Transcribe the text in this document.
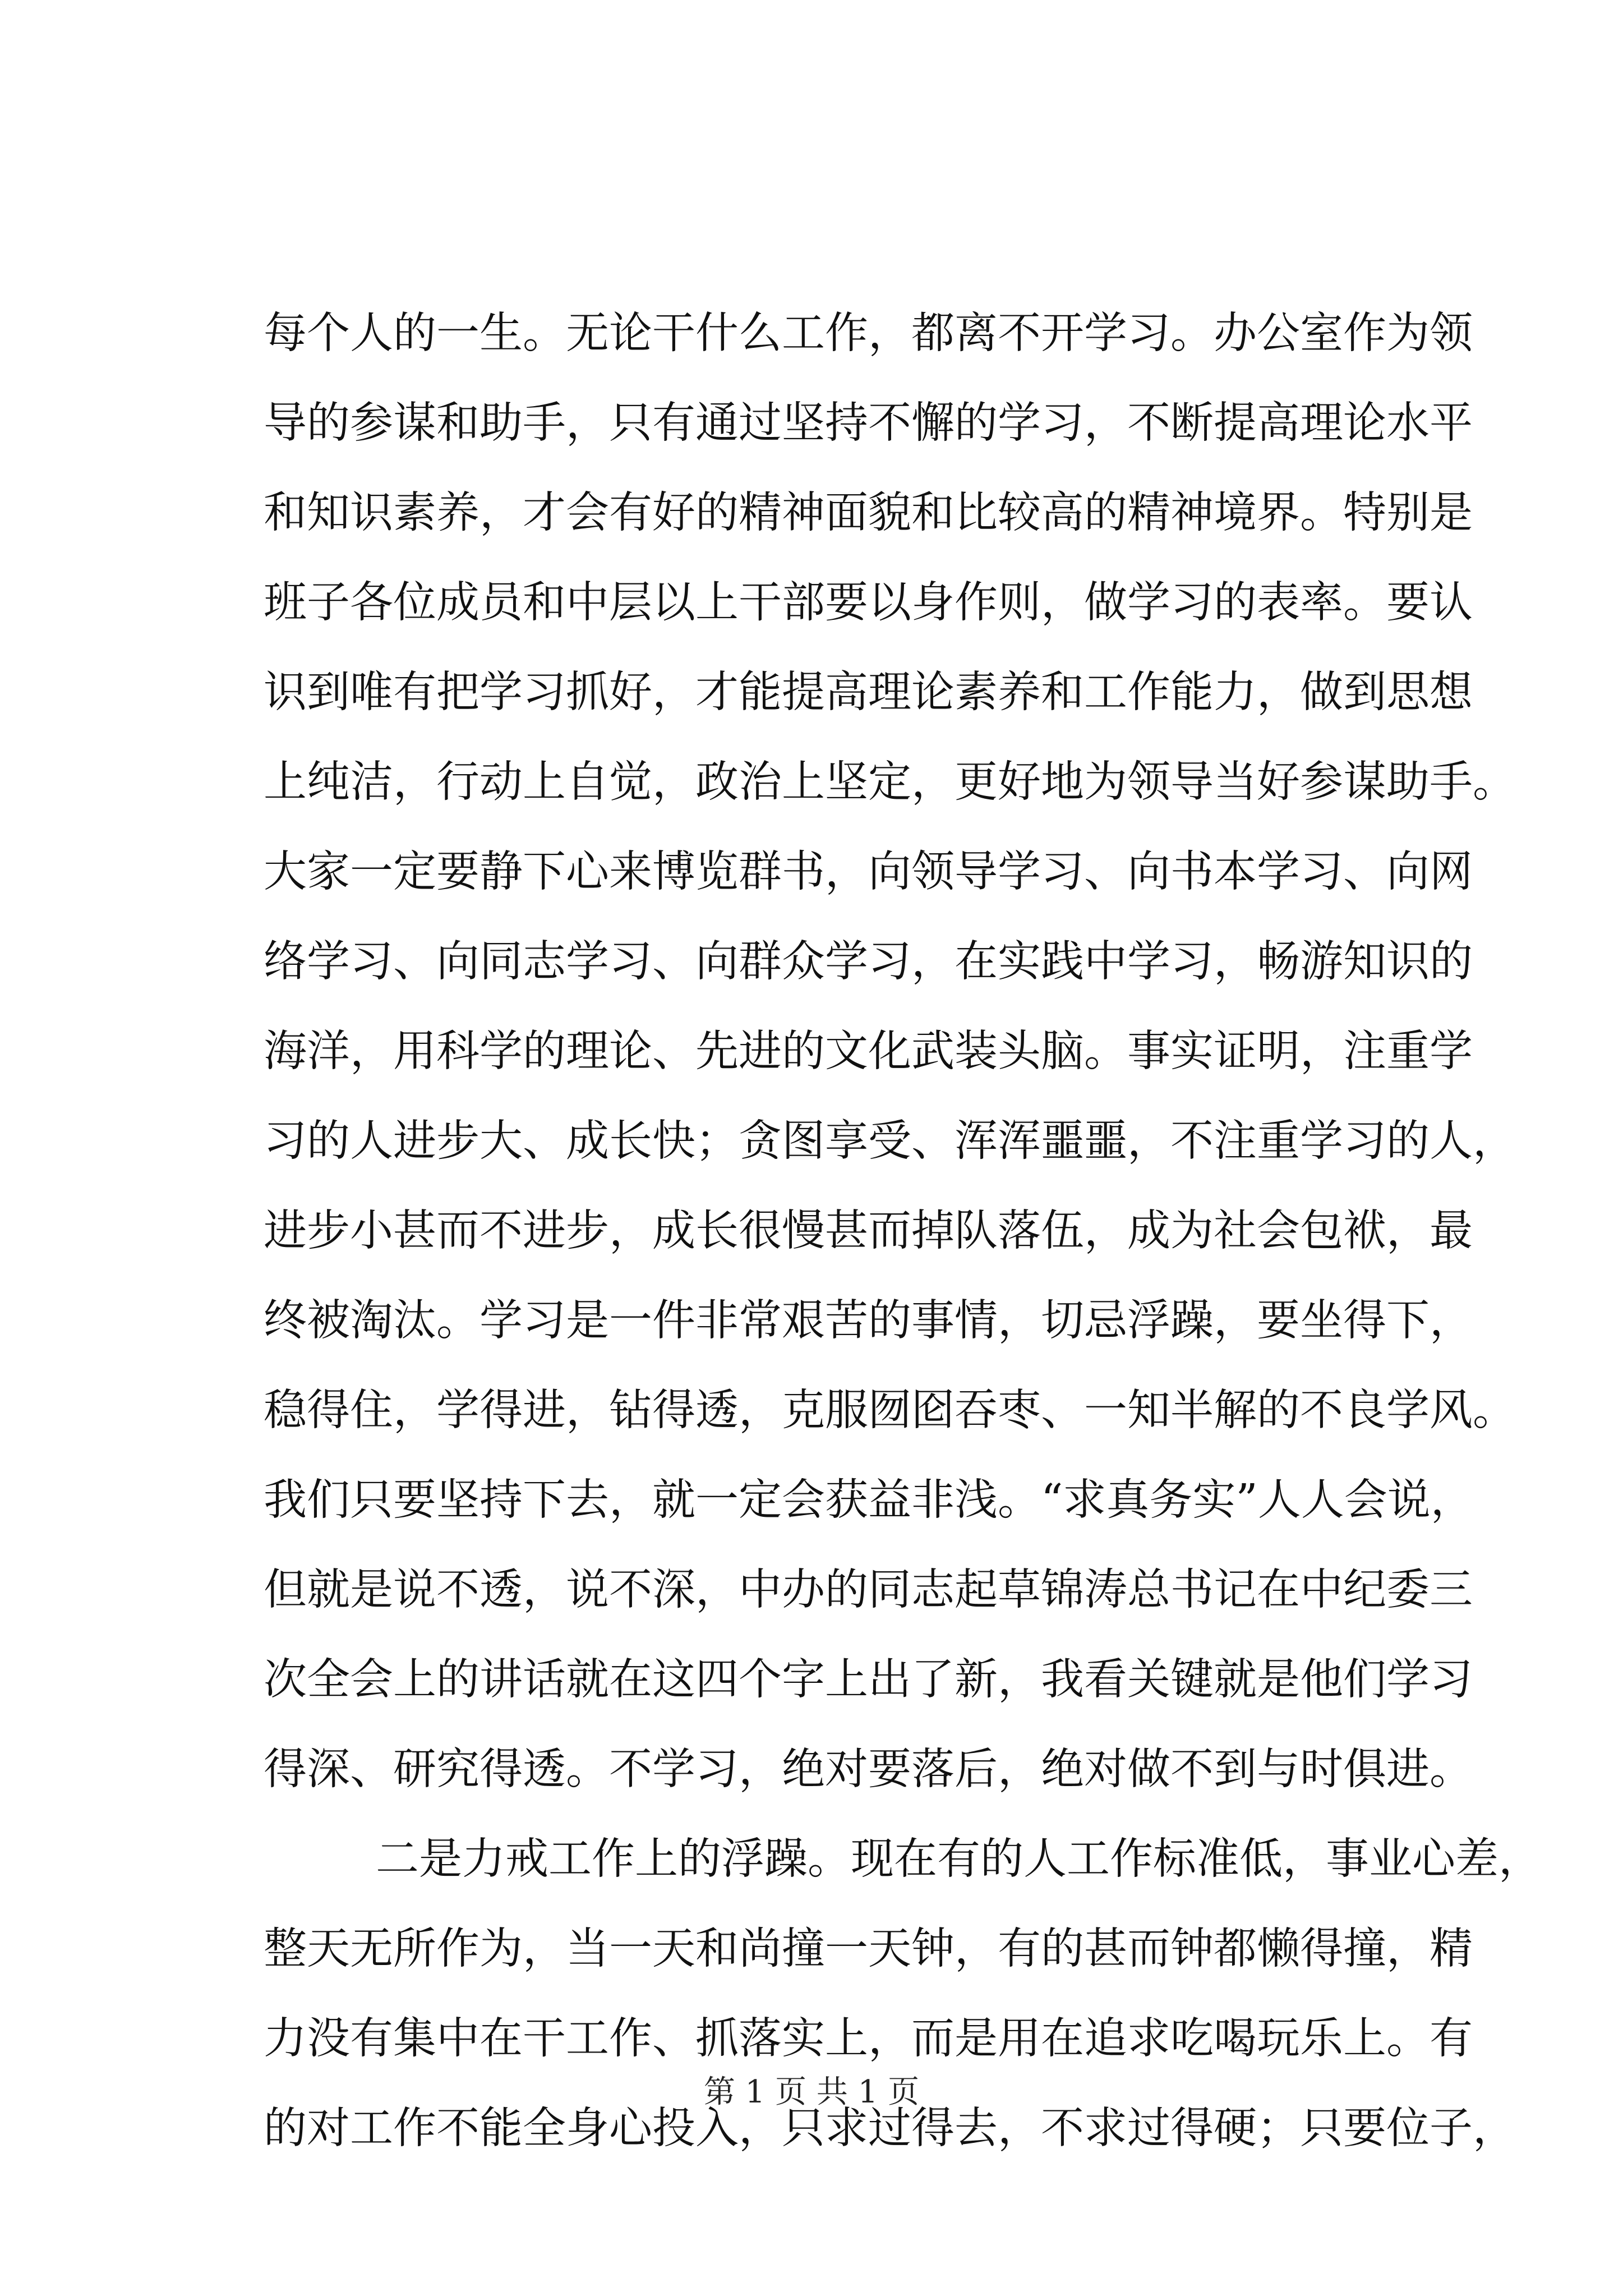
每个人的一生。无论干什么工作，都离不开学习。办公室作为领
导的参谋和助手，只有通过坚持不懈的学习，不断提高理论水平
和知识素养，才会有好的精神面貌和比较高的精神境界。特别是
班子各位成员和中层以上干部要以身作则，做学习的表率。要认
识到唯有把学习抓好，才能提高理论素养和工作能力，做到思想
上纯洁，行动上自觉，政治上坚定，更好地为领导当好参谋助手。
大家一定要静下心来博览群书，向领导学习、向书本学习、向网
络学习、向同志学习、向群众学习，在实践中学习，畅游知识的
海洋，用科学的理论、先进的文化武装头脑。事实证明，注重学
习的人进步大、成长快；贪图享受、浑浑噩噩，不注重学习的人，
进步小甚而不进步，成长很慢甚而掉队落伍，成为社会包袱，最
终被淘汰。学习是一件非常艰苦的事情，切忌浮躁，要坐得下，
稳得住，学得进，钻得透，克服囫囵吞枣、一知半解的不良学风。
我们只要坚持下去，就一定会获益非浅。“求真务实”人人会说，
但就是说不透，说不深，中办的同志起草锦涛总书记在中纪委三
次全会上的讲话就在这四个字上出了新，我看关键就是他们学习
得深、研究得透。不学习，绝对要落后，绝对做不到与时俱进。
二是力戒工作上的浮躁。现在有的人工作标准低，事业心差，
整天无所作为，当一天和尚撞一天钟，有的甚而钟都懒得撞，精
力没有集中在干工作、抓落实上，而是用在追求吃喝玩乐上。有
的对工作不能全身心投入，只求过得去，不求过得硬；只要位子，
第 1 页 共 1 页
